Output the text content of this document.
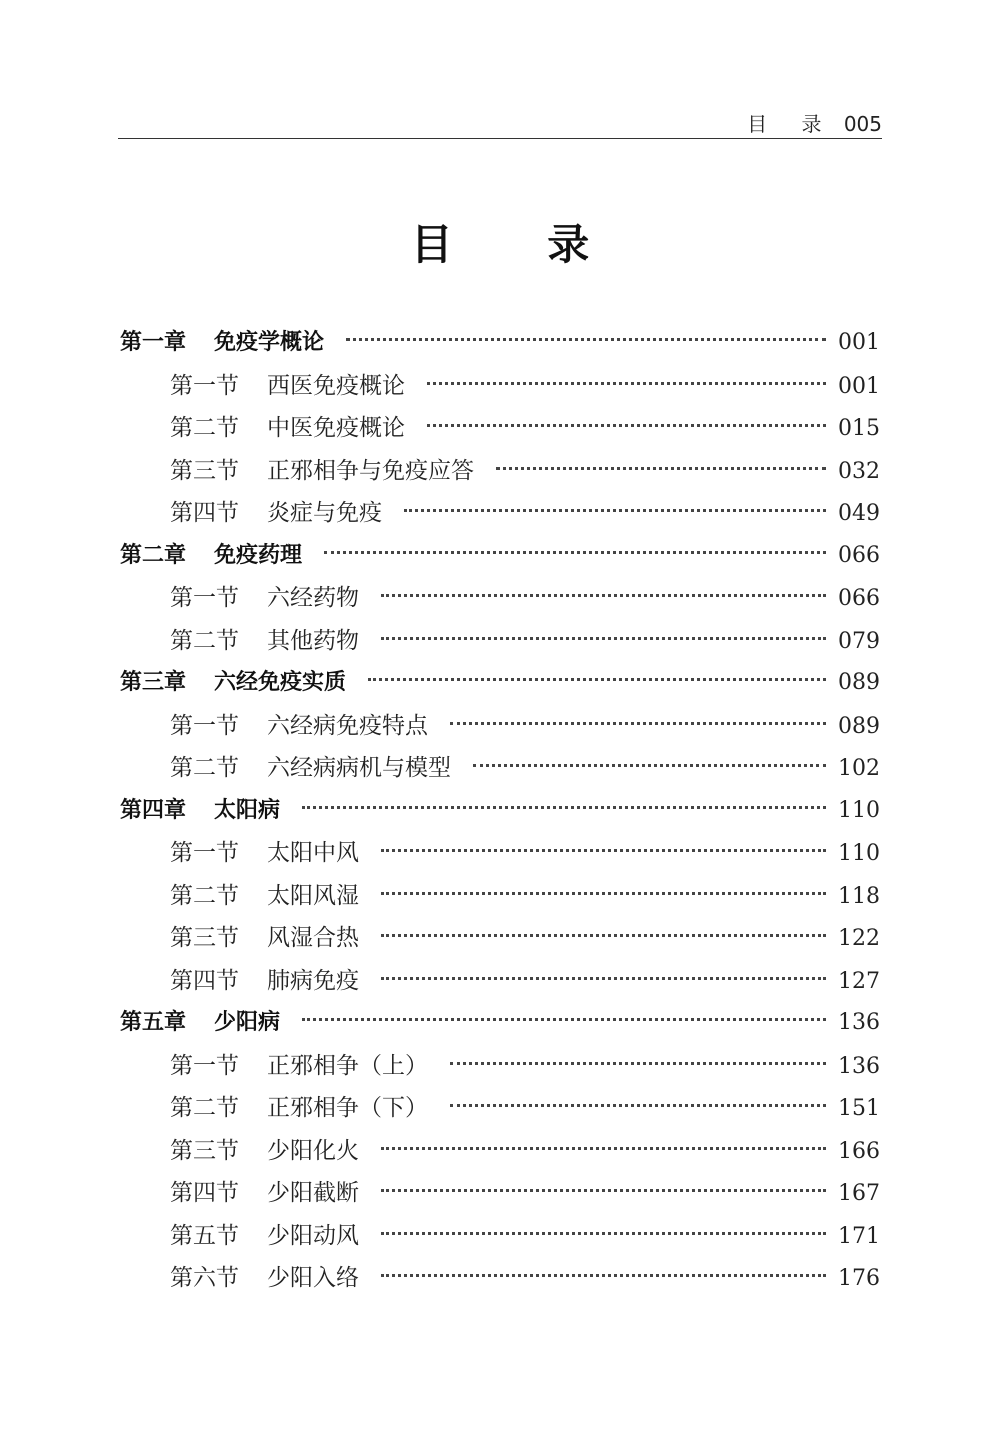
目 录 005
目 录
第一章 免疫学概论	001
第一节 西医免疫概论	001
第二节 中医免疫概论	015
第三节 正邪相争与免疫应答	032
第四节 炎症与免疫	049
第二章 免疫药理	066
第一节 六经药物	066
第二节 其他药物	079
第三章 六经免疫实质	089
第一节 六经病免疫特点	089
第二节 六经病病机与模型	102
第四章 太阳病	110
第一节 太阳中风	110
第二节 太阳风湿	118
第三节 风湿合热	122
第四节 肺病免疫	127
第五章 少阳病	136
第一节 正邪相争（上）	136
第二节 正邪相争（下）	151
第三节 少阳化火	166
第四节 少阳截断	167
第五节 少阳动风	171
第六节 少阳入络	176
